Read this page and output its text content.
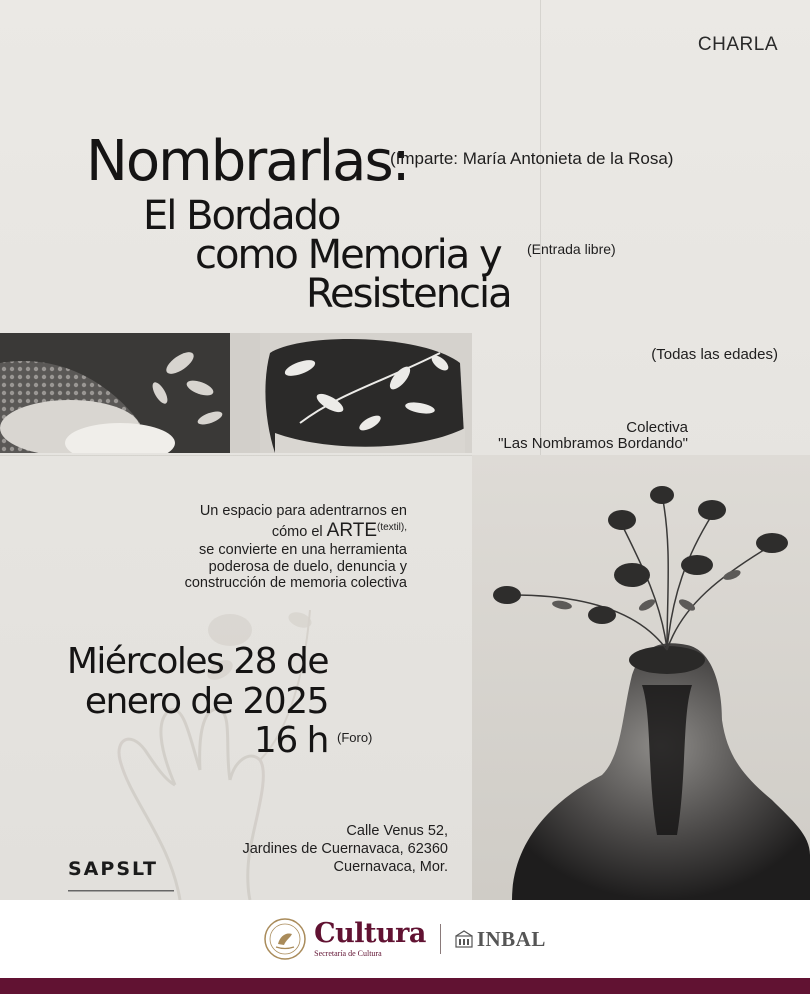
CHARLA
Nombrarlas:
(Imparte: María Antonieta de la Rosa)
El Bordado
como Memoria y (Entrada libre)
Resistencia
(Todas las edades)
Colectiva
"Las Nombramos Bordando"
Un espacio para adentrarnos en
cómo el $ARTE^{(textil),}$
se convierte en una herramienta
poderosa de duelo, denuncia y
construcción de memoria colectiva
Miércoles 28 de
enero de 2025
16 h (Foro)
Calle Venus 52,
Jardines de Cuernavaca, 62360
Cuernavaca, Mor.
SAPSLT
Cultura
Secretaría de Cultura
INBAL
